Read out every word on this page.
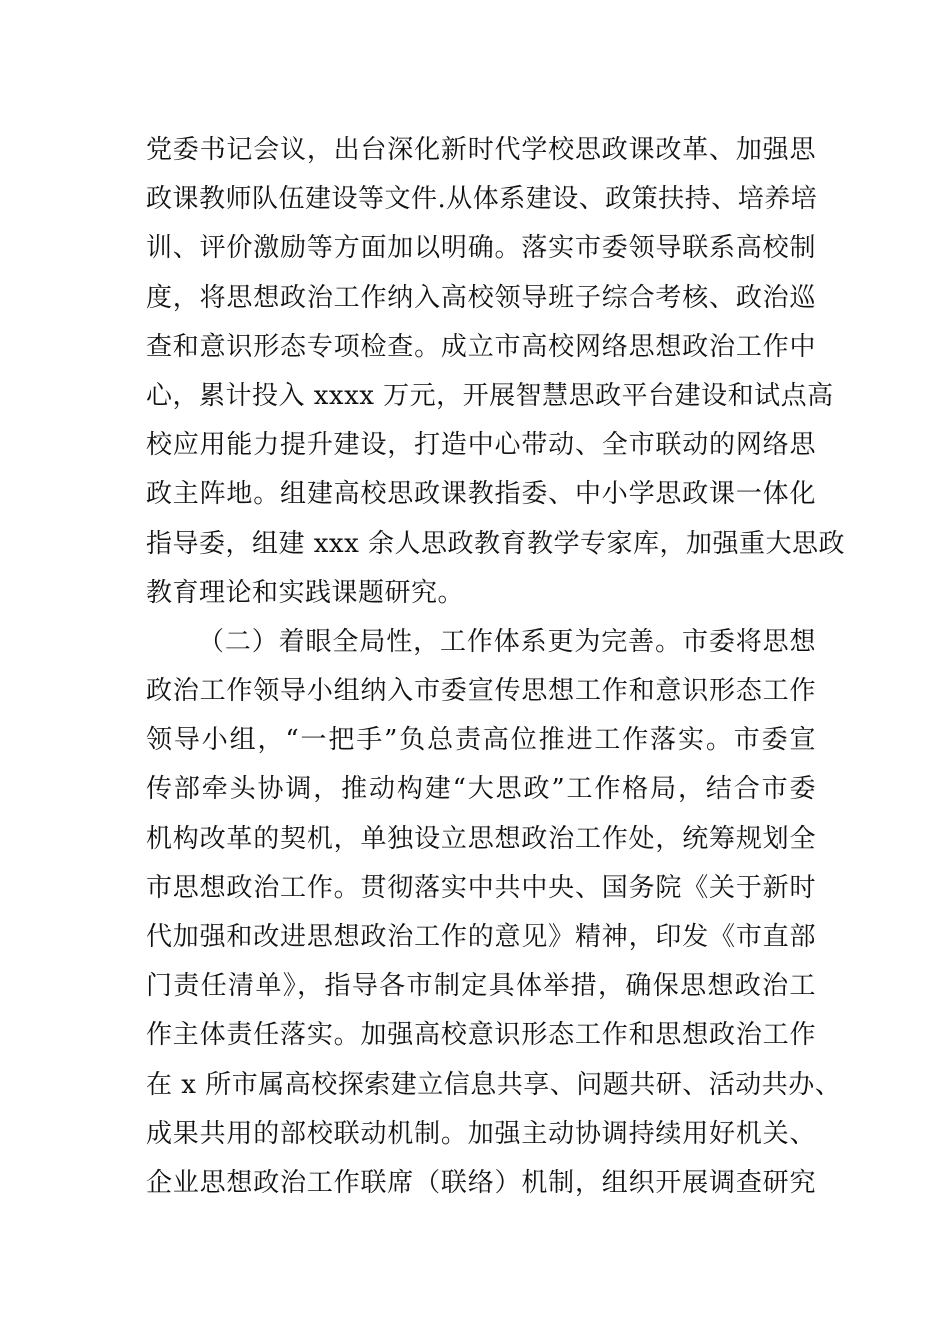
党委书记会议，出台深化新时代学校思政课改革、加强思
政课教师队伍建设等文件.从体系建设、政策扶持、培养培
训、评价激励等方面加以明确。落实市委领导联系高校制
度，将思想政治工作纳入高校领导班子综合考核、政治巡
查和意识形态专项检查。成立市高校网络思想政治工作中
心，累计投入 xxxx 万元，开展智慧思政平台建设和试点高
校应用能力提升建设，打造中心带动、全市联动的网络思
政主阵地。组建高校思政课教指委、中小学思政课一体化
指导委，组建 xxx 余人思政教育教学专家库，加强重大思政
教育理论和实践课题研究。
（二）着眼全局性，工作体系更为完善。市委将思想
政治工作领导小组纳入市委宣传思想工作和意识形态工作
领导小组，“一把手”负总责高位推进工作落实。市委宣
传部牵头协调，推动构建“大思政”工作格局，结合市委
机构改革的契机，单独设立思想政治工作处，统筹规划全
市思想政治工作。贯彻落实中共中央、国务院《关于新时
代加强和改进思想政治工作的意见》精神，印发《市直部
门责任清单》，指导各市制定具体举措，确保思想政治工
作主体责任落实。加强高校意识形态工作和思想政治工作
在 x 所市属高校探索建立信息共享、问题共研、活动共办、
成果共用的部校联动机制。加强主动协调持续用好机关、
企业思想政治工作联席（联络）机制，组织开展调查研究
